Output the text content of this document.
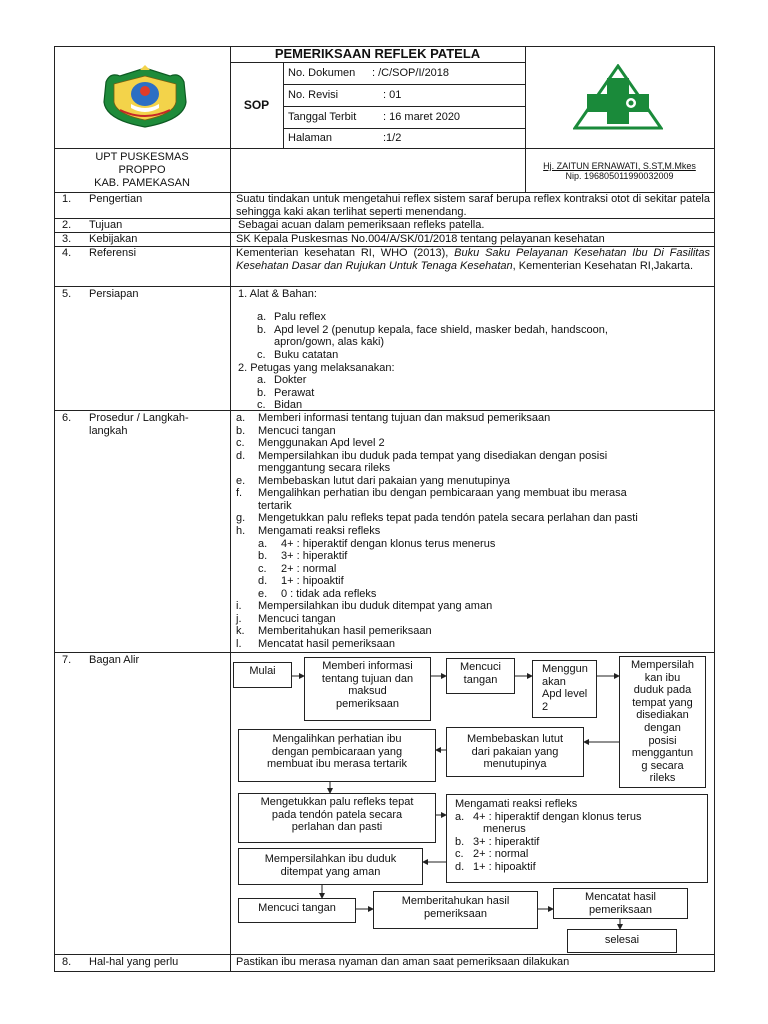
PEMERIKSAAN REFLEK PATELA
SOP
No. Dokumen : /C/SOP/I/2018
No. Revisi	: 01
Tanggal Terbit : 16 maret 2020
Halaman	:1/2
UPT PUSKESMAS
PROPPO
KAB. PAMEKASAN
Hj. ZAITUN ERNAWATI, S.ST,M.Mkes
Nip. 196805011990032009
1. Pengertian	Suatu tindakan untuk mengetahui reflex sistem saraf berupa reflex kontraksi otot di sekitar patela sehingga kaki akan terlihat seperti menendang.
2. Tujuan	Sebagai acuan dalam pemeriksaan refleks patella.
3. Kebijakan	SK Kepala Puskesmas No.004/A/SK/01/2018 tentang pelayanan kesehatan
4. Referensi	Kementerian kesehatan RI, WHO (2013), Buku Saku Pelayanan Kesehatan Ibu Di Fasilitas Kesehatan Dasar dan Rujukan Untuk Tenaga Kesehatan, Kementerian Kesehatan RI,Jakarta.
5. Persiapan	1. Alat & Bahan:
a. Palu reflex
b. Apd level 2 (penutup kepala, face shield, masker bedah, handscoon,
apron/gown, alas kaki)
c. Buku catatan
2. Petugas yang melaksanakan:
a. Dokter
b. Perawat
c. Bidan
6. Prosedur / Langkah-
langkah
a. Memberi informasi tentang tujuan dan maksud pemeriksaan
b. Mencuci tangan
c. Menggunakan Apd level 2
d. Mempersilahkan ibu duduk pada tempat yang disediakan dengan posisi
menggantung secara rileks
e. Membebaskan lutut dari pakaian yang menutupinya
f. Mengalihkan perhatian ibu dengan pembicaraan yang membuat ibu merasa
tertarik
g. Mengetukkan palu refleks tepat pada tendón patela secara perlahan dan pasti
h. Mengamati reaksi refleks
a. 4+ : hiperaktif dengan klonus terus menerus
b. 3+ : hiperaktif
c. 2+ : normal
d. 1+ : hipoaktif
e. 0 : tidak ada refleks
i. Mempersilahkan ibu duduk ditempat yang aman
j. Mencuci tangan
k. Memberitahukan hasil pemeriksaan
l. Mencatat hasil pemeriksaan
7. Bagan Alir
Mulai	Memberi informasi
tentang tujuan dan
maksud
pemeriksaan
Mencuci
tangan
Menggun
akan
Apd level
2
Mempersilah
kan ibu
duduk pada
tempat yang
disediakan
dengan
posisi
menggantun
g secara
rileks
Membebaskan lutut
dari pakaian yang
menutupinya
Mengalihkan perhatian ibu
dengan pembicaraan yang
membuat ibu merasa tertarik
Mengetukkan palu refleks tepat
pada tendón patela secara
perlahan dan pasti
Mengamati reaksi refleks
a. 4+ : hiperaktif dengan klonus terus
menerus
b. 3+ : hiperaktif
c. 2+ : normal
d. 1+ : hipoaktif
Mempersilahkan ibu duduk
ditempat yang aman
Mencuci tangan
Memberitahukan hasil
pemeriksaan
Mencatat hasil
pemeriksaan
selesai
8. Hal-hal yang perlu	Pastikan ibu merasa nyaman dan aman saat pemeriksaan dilakukan
